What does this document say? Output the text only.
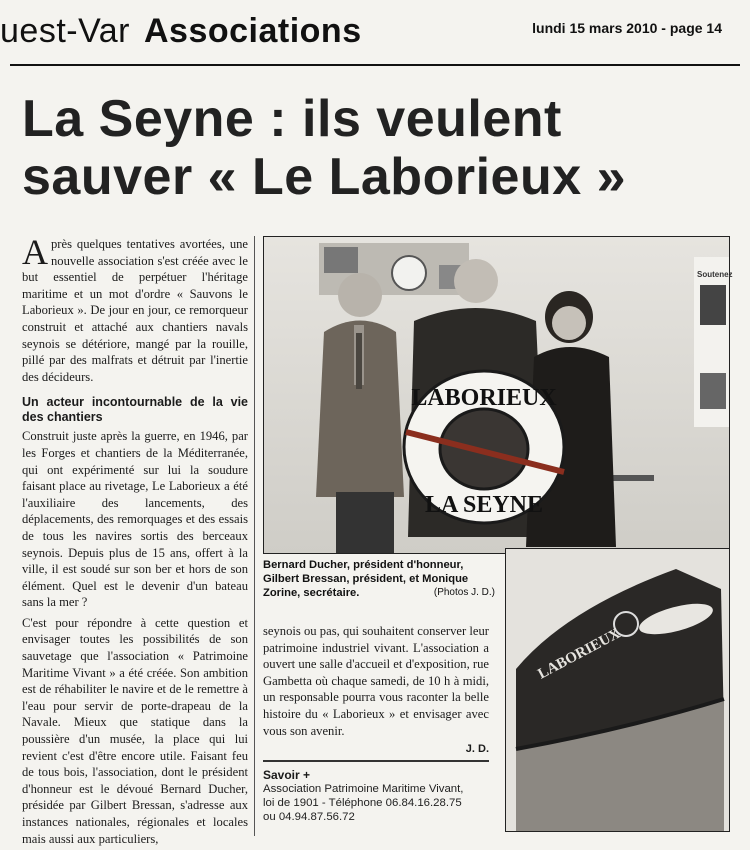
uest-Var Associations	lundi 15 mars 2010 - page 14
La Seyne : ils veulent
sauver « Le Laborieux »

Après quelques tentatives avortées, une nouvelle association s'est créée avec le but essentiel de perpétuer l'héritage maritime et un mot d'ordre « Sauvons le Laborieux ». De jour en jour, ce remorqueur construit et attaché aux chantiers navals seynois se détériore, mangé par la rouille, pillé par des malfrats et détruit par l'inertie des décideurs.

Un acteur incontournable de la vie des chantiers

Construit juste après la guerre, en 1946, par les Forges et chantiers de la Méditerranée, qui ont expérimenté sur lui la soudure faisant place au rivetage, Le Laborieux a été l'auxiliaire des lancements, des déplacements, des remorquages et des essais de tous les navires sortis des berceaux seynois. Depuis plus de 15 ans, offert à la ville, il est soudé sur son ber et hors de son élément. Quel est le devenir d'un bateau sans la mer ?

C'est pour répondre à cette question et envisager toutes les possibilités de son sauvetage que l'association « Patrimoine Maritime Vivant » a été créée. Son ambition est de réhabiliter le navire et de le remettre à l'eau pour servir de porte-drapeau de la Navale. Mieux que statique dans la poussière d'un musée, la place qui lui revient c'est d'être encore utile. Faisant feu de tous bois, l'association, dont le président d'honneur est le dévoué Bernard Ducher, présidée par Gilbert Bressan, s'adresse aux instances nationales, régionales et locales mais aussi aux particuliers,

Soutenez
LABORIEUX
LA SEYNE
Bernard Ducher, président d'honneur, Gilbert Bressan, président, et Monique Zorine, secrétaire.	(Photos J. D.)

seynois ou pas, qui souhaitent conserver leur patrimoine industriel vivant. L'association a ouvert une salle d'accueil et d'exposition, rue Gambetta où chaque samedi, de 10 h à midi, un responsable pourra vous raconter la belle histoire du « Laborieux » et envisager avec vous son avenir.

J. D.
Savoir +
Association Patrimoine Maritime Vivant,
loi de 1901 - Téléphone 06.84.16.28.75
ou 04.94.87.56.72
LABORIEUX
